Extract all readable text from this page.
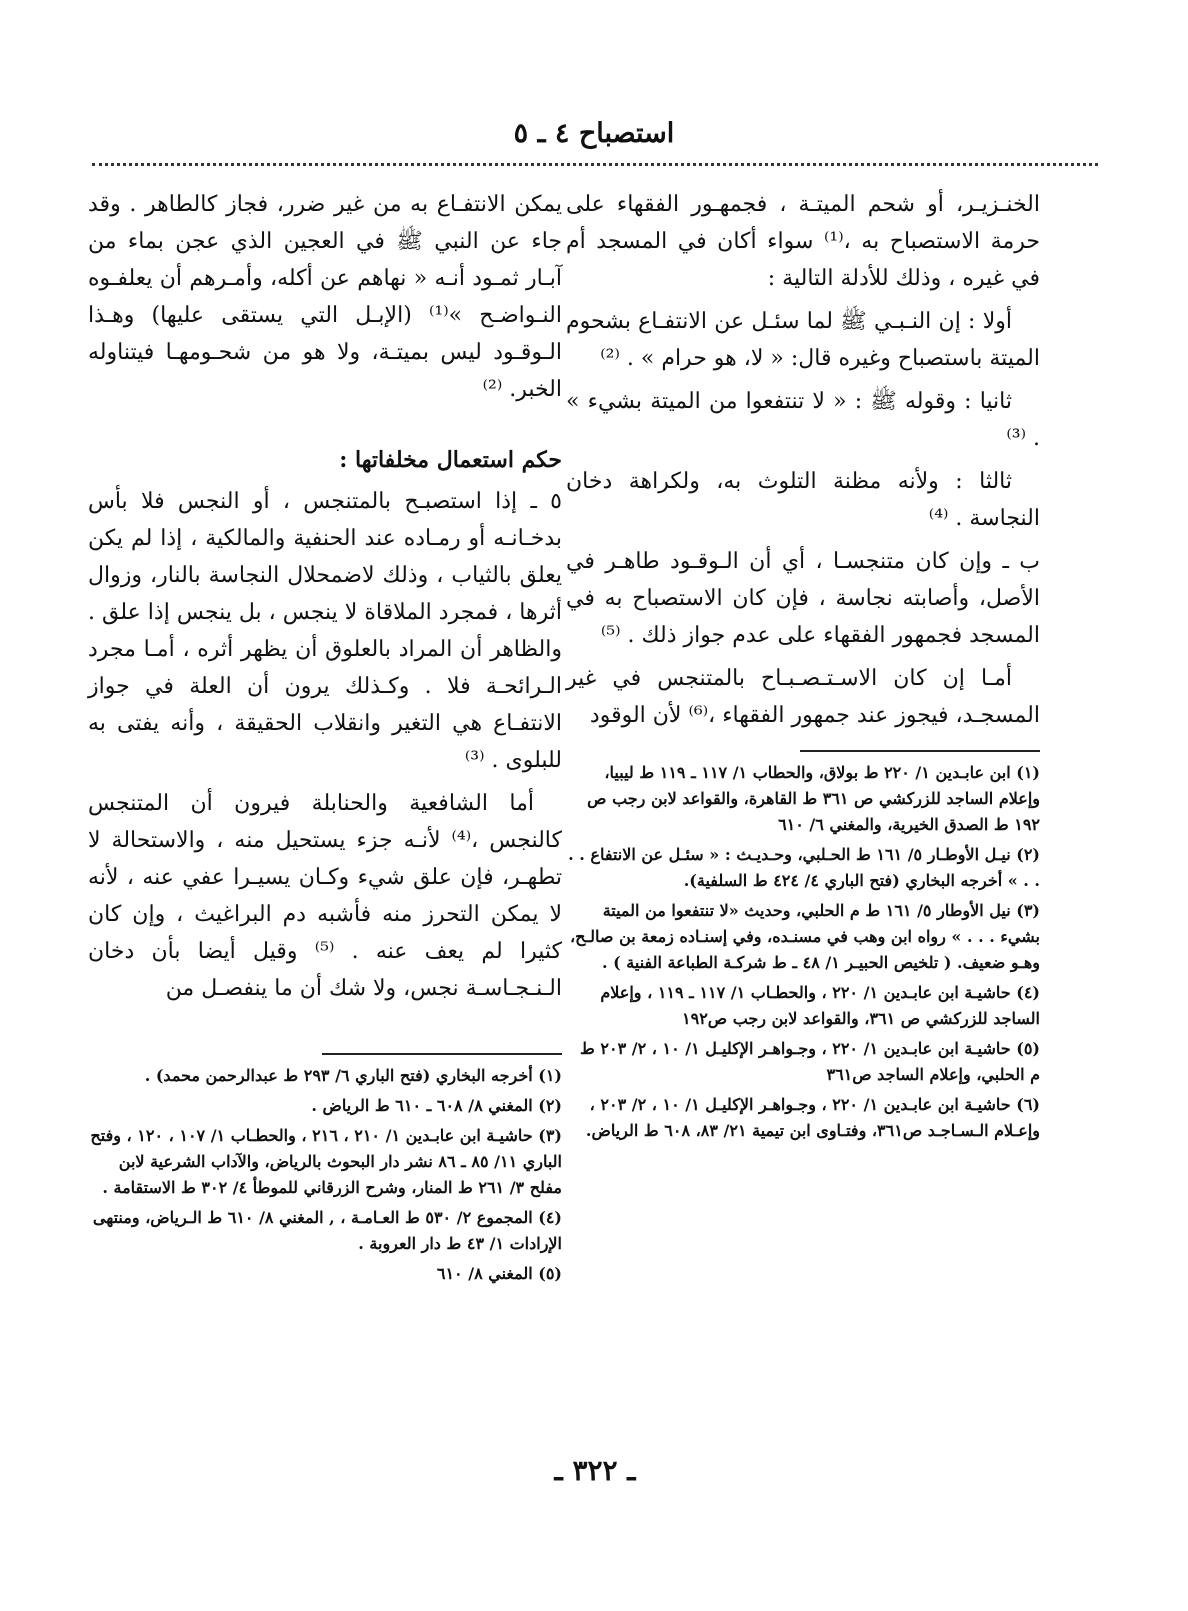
استصباح ٤ ـ ٥

الخنـزيـر، أو شحم الميتـة ، فجمهـور الفقهاء على حرمة الاستصباح به ،⁽¹⁾ سواء أكان في المسجد أم في غيره ، وذلك للأدلة التالية :

أولا : إن النـبـي ﷺ لما سئـل عن الانتفـاع بشحوم الميتة باستصباح وغيره قال: « لا، هو حرام » . ⁽²⁾

ثانيا : وقوله ﷺ : « لا تنتفعوا من الميتة بشيء » . ⁽³⁾

ثالثا : ولأنه مظنة التلوث به، ولكراهة دخان النجاسة . ⁽⁴⁾

ب ـ وإن كان متنجسـا ، أي أن الـوقـود طاهـر في الأصل، وأصابته نجاسة ، فإن كان الاستصباح به في المسجد فجمهور الفقهاء على عدم جواز ذلك . ⁽⁵⁾

أمـا إن كان الاسـتـصـبـاح بالمتنجس في غير المسجـد، فيجوز عند جمهور الفقهاء ،⁽⁶⁾ لأن الوقود

(١) ابن عابـدين ١/ ٢٢٠ ط بولاق، والحطاب ١/ ١١٧ ـ ١١٩ ط ليبيا، وإعلام الساجد للزركشي ص ٣٦١ ط القاهرة، والقواعد لابن رجب ص ١٩٢ ط الصدق الخيرية، والمغني ٦/ ٦١٠
(٢) نيـل الأوطـار ٥/ ١٦١ ط الحـلبي، وحـديـث : « سئـل عن الانتفاع . . . . » أخرجه البخاري (فتح الباري ٤/ ٤٢٤ ط السلفية).
(٣) نيل الأوطار ٥/ ١٦١ ط م الحلبي، وحديث «لا تنتفعوا من الميتة بشيء . . . » رواه ابن وهب في مسنـده، وفي إسنـاده زمعة بن صالـح، وهـو ضعيف. ( تلخيص الحبيـر ١/ ٤٨ ـ ط شركـة الطباعة الفنية ) .
(٤) حاشيـة ابن عابـدين ١/ ٢٢٠ ، والحطـاب ١/ ١١٧ ـ ١١٩ ، وإعلام الساجد للزركشي ص ٣٦١، والقواعد لابن رجب ص١٩٢
(٥) حاشيـة ابن عابـدين ١/ ٢٢٠ ، وجـواهـر الإكليـل ١/ ١٠ ، ٢/ ٢٠٣ ط م الحلبي، وإعلام الساجد ص٣٦١
(٦) حاشيـة ابن عابـدين ١/ ٢٢٠ ، وجـواهـر الإكليـل ١/ ١٠ ، ٢/ ٢٠٣ ، وإعـلام الـسـاجـد ص٣٦١، وفتـاوى ابن تيمية ٢١/ ٨٣، ٦٠٨ ط الرياض.

يمكن الانتفـاع به من غير ضرر، فجاز كالطاهر . وقد جاء عن النبي ﷺ في العجين الذي عجن بماء من آبـار ثمـود أنـه « نهاهم عن أكله، وأمـرهم أن يعلفـوه النـواضـح »⁽¹⁾ (الإبـل التي يستقى عليها) وهـذا الـوقـود ليس بميتـة، ولا هو من شحـومهـا فيتناوله الخبر. ⁽²⁾

حكم استعمال مخلفاتها :

٥ ـ إذا استصبـح بالمتنجس ، أو النجس فلا بأس بدخـانـه أو رمـاده عند الحنفية والمالكية ، إذا لم يكن يعلق بالثياب ، وذلك لاضمحلال النجاسة بالنار، وزوال أثرها ، فمجرد الملاقاة لا ينجس ، بل ينجس إذا علق . والظاهر أن المراد بالعلوق أن يظهر أثره ، أمـا مجرد الـرائحـة فلا . وكـذلك يرون أن العلة في جواز الانتفـاع هي التغير وانقلاب الحقيقة ، وأنه يفتى به للبلوى . ⁽³⁾

أما الشافعية والحنابلة فيرون أن المتنجس كالنجس ،⁽⁴⁾ لأنـه جزء يستحيل منه ، والاستحالة لا تطهـر، فإن علق شيء وكـان يسيـرا عفي عنه ، لأنه لا يمكن التحرز منه فأشبه دم البراغيث ، وإن كان كثيرا لم يعف عنه . ⁽⁵⁾ وقيل أيضا بأن دخان الـنـجـاسـة نجس، ولا شك أن ما ينفصـل من

(١) أخرجه البخاري (فتح الباري ٦/ ٢٩٣ ط عبدالرحمن محمد) .
(٢) المغني ٨/ ٦٠٨ ـ ٦١٠ ط الرياض .
(٣) حاشيـة ابن عابـدين ١/ ٢١٠ ، ٢١٦ ، والحطـاب ١/ ١٠٧ ، ١٢٠ ، وفتح الباري ١١/ ٨٥ ـ ٨٦ نشر دار البحوث بالرياض، والآداب الشرعية لابن مفلح ٣/ ٢٦١ ط المنار، وشرح الزرقاني للموطأ ٤/ ٣٠٢ ط الاستقامة .
(٤) المجموع ٢/ ٥٣٠ ط العـامـة ، , المغني ٨/ ٦١٠ ط الـرياض، ومنتهى الإرادات ١/ ٤٣ ط دار العروبة .
(٥) المغني ٨/ ٦١٠
ـ ٣٢٢ ـ
